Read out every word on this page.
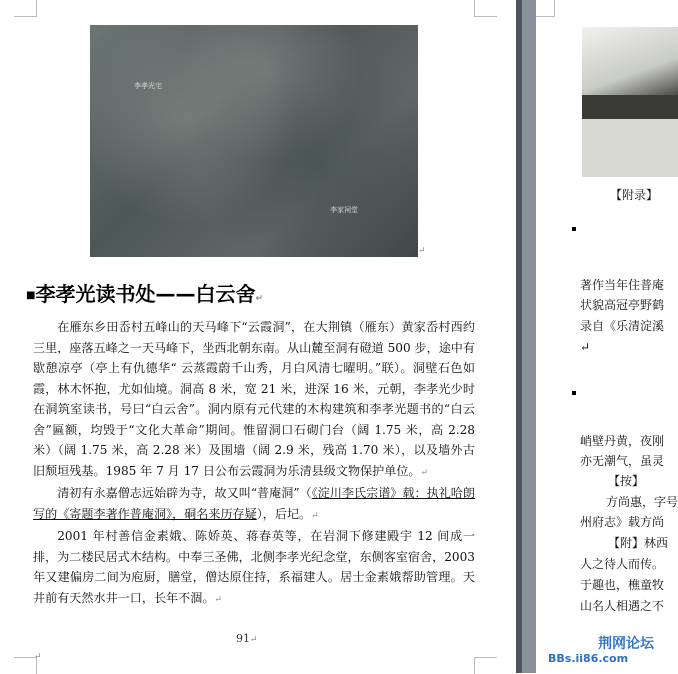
李孝光宅
李家祠堂
↵
■李孝光读书处——白云舍↵

在雁东乡田岙村五峰山的天马峰下“云霞洞”，在大荆镇（雁东）黄家岙村西约三里，座落五峰之一天马峰下，坐西北朝东南。从山麓至洞有磴道 500 步，途中有歇憩凉亭（亭上有仇德华“ 云蒸霞蔚千山秀，月白风清七曜明。”联）。洞壁石色如霞，林木怀抱，尤如仙境。洞高 8 米，宽 21 米，进深 16 米，元朝，李孝光少时在洞筑室读书，号曰“白云舍”。洞内原有元代建的木构建筑和李孝光题书的“白云舍”匾额，均毁于“文化大革命”期间。惟留洞口石砌门台（阔 1.75 米，高 2.28 米）（阔 1.75 米，高 2.28 米）及围墙（阔 2.9 米，残高 1.70 米），以及墙外古旧颓垣残基。1985 年 7 月 17 日公布云霞洞为乐清县级文物保护单位。↵

清初有永嘉僧志远始辟为寺，故又叫“普庵洞”（《淀川李氏宗谱》载：执礼哈朗写的《寄题李著作普庵洞》，硐名来历存疑），后圮。↵

2001 年村善信金素娥、陈娇英、蒋春英等，在岩洞下修建殿宇 12 间成一排，为二楼民居式木结构。中奉三圣佛，北侧李孝光纪念堂，东侧客室宿舍，2003 年又建偏房二间为庖厨，膳堂，僧达原住持，系福建人。居士金素娥帮助管理。天井前有天然水井一口，长年不涸。↵

91↵
↵
【附录】
著作当年住普庵
状貌高冠亭野鹤
录自《乐清淀溪
↵
峭壁丹黄，夜刚
亦无潮气，虽灵
【按】
方尚惠，字号
州府志》载方尚
【附】林西
人之待人而传。
于趣也，樵童牧
山名人相遇之不
荆网论坛
BBs.ii86.com
